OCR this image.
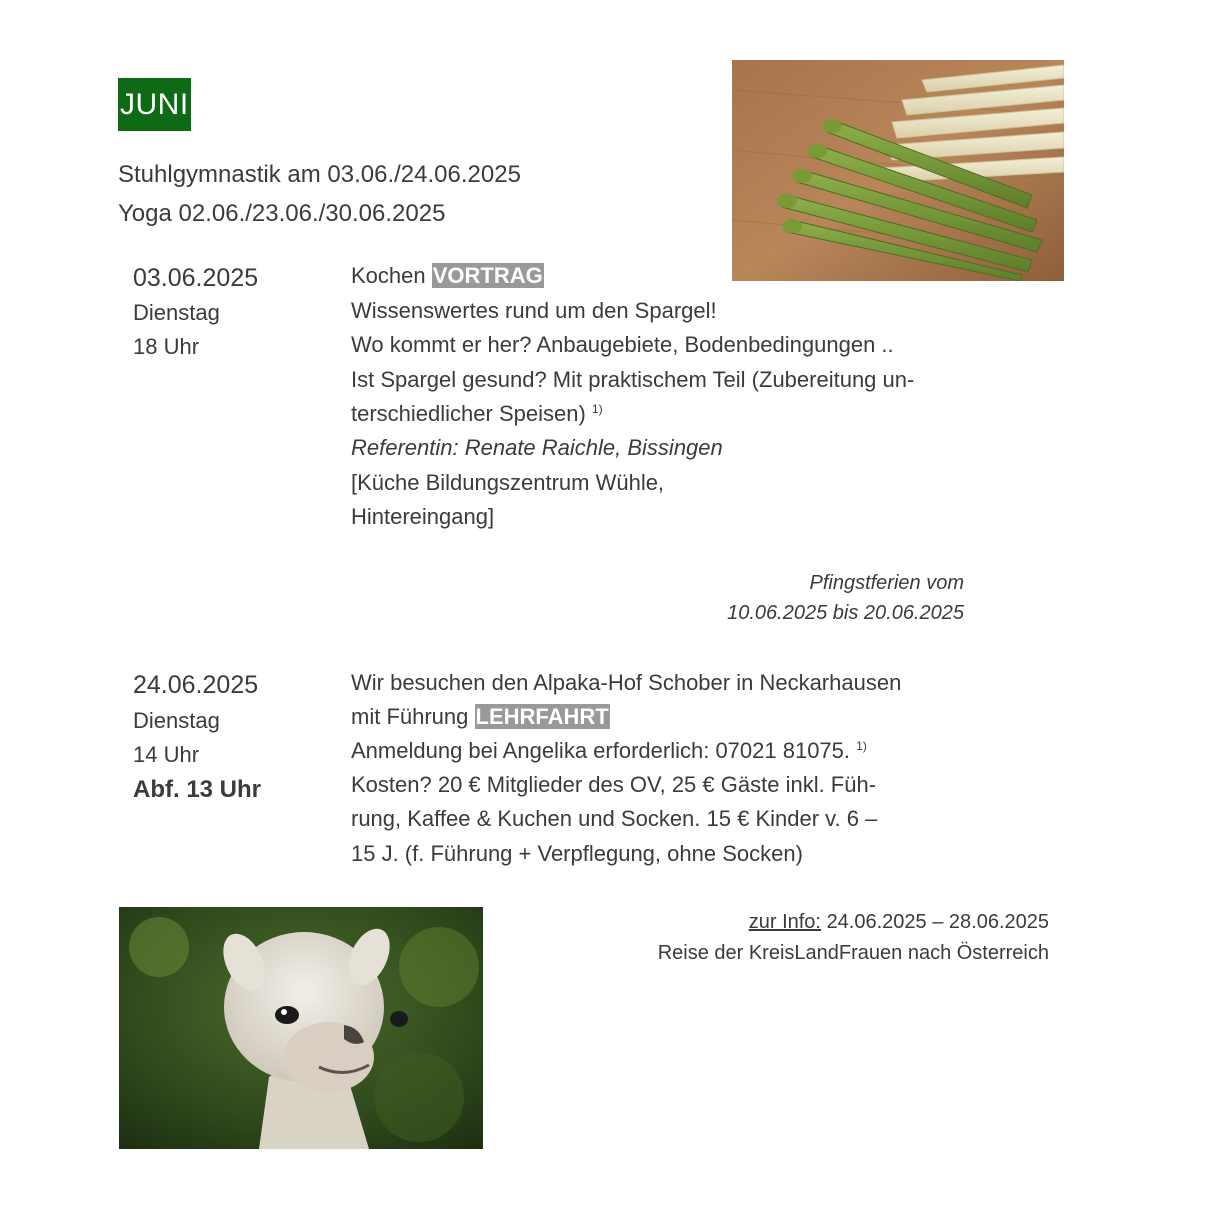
JUNI
Stuhlgymnastik am 03.06./24.06.2025
Yoga 02.06./23.06./30.06.2025
03.06.2025
Dienstag
18 Uhr
Kochen VORTRAG
Wissenswertes rund um den Spargel!
Wo kommt er her? Anbaugebiete, Bodenbedingungen ..
Ist Spargel gesund? Mit praktischem Teil (Zubereitung un-
terschiedlicher Speisen) $^{1)}$
Referentin: Renate Raichle, Bissingen
[Küche Bildungszentrum Wühle,
Hintereingang]
Pfingstferien vom
10.06.2025 bis 20.06.2025
24.06.2025
Dienstag
14 Uhr
Abf. 13 Uhr
Wir besuchen den Alpaka-Hof Schober in Neckarhausen
mit Führung LEHRFAHRT
Anmeldung bei Angelika erforderlich: 07021 81075. $^{1)}$
Kosten? 20 € Mitglieder des OV, 25 € Gäste inkl. Füh-
rung, Kaffee & Kuchen und Socken. 15 € Kinder v. 6 –
15 J. (f. Führung + Verpflegung, ohne Socken)
zur Info: 24.06.2025 – 28.06.2025
Reise der KreisLandFrauen nach Österreich
